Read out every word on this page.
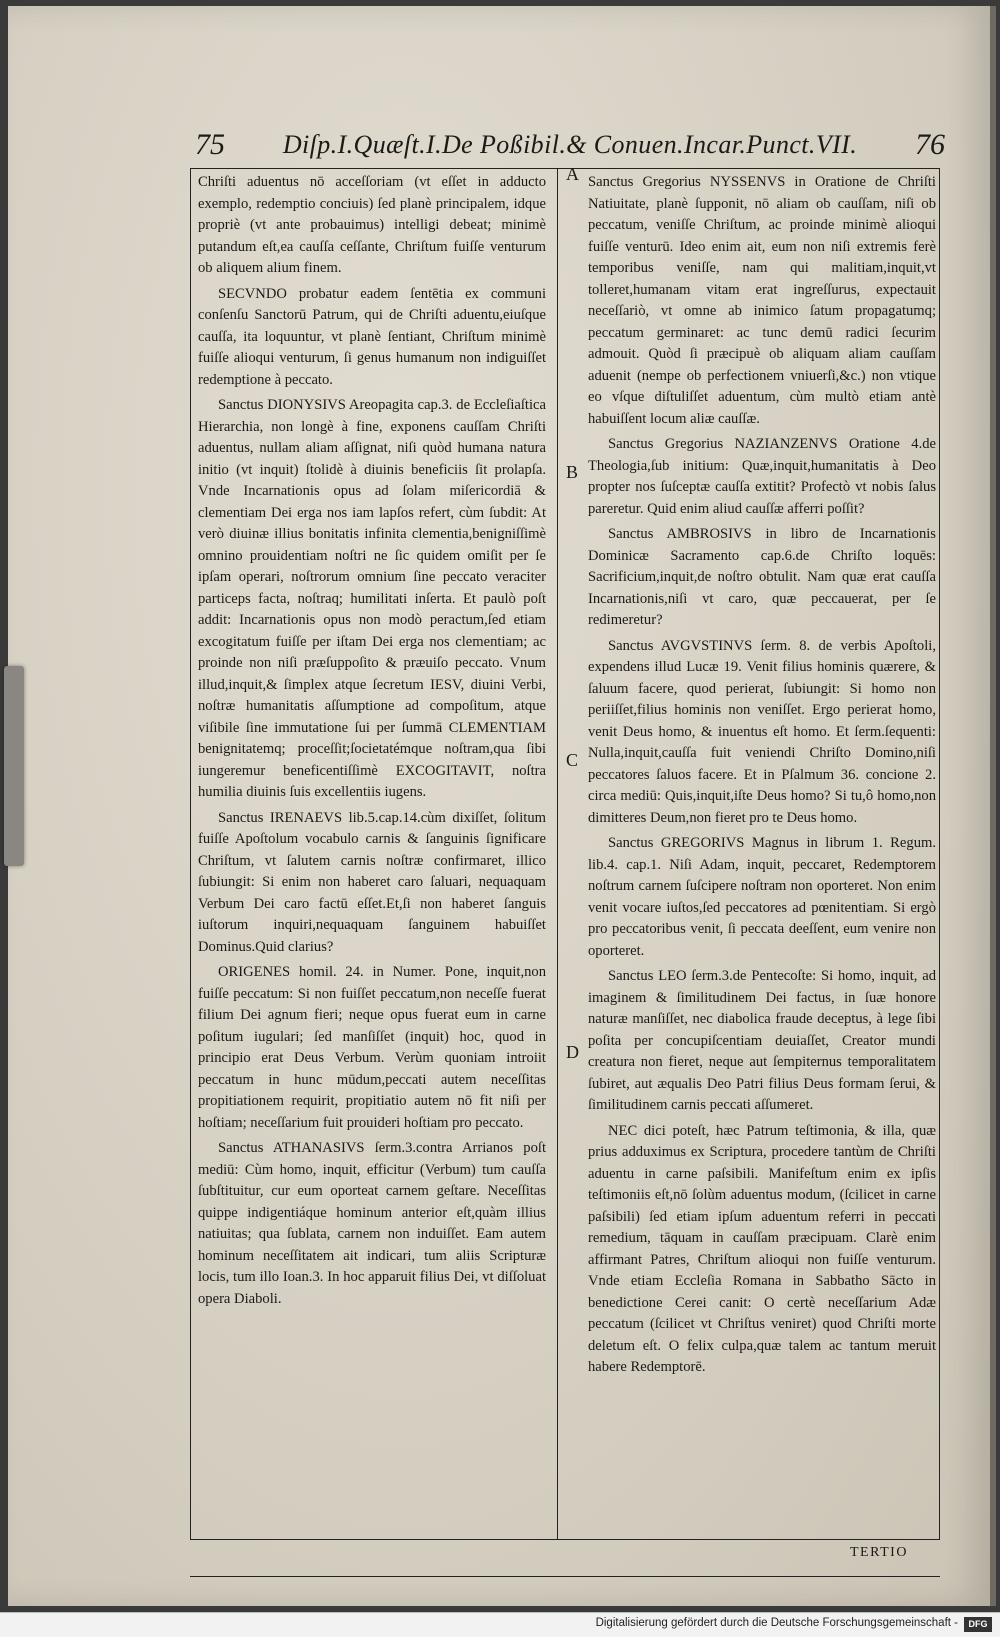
75	Diſp.I.Quæſt.I.De Poßibil.& Conuen.Incar.Punct.VII.	76

Chriſti aduentus nō acceſſoriam (vt eſſet in adducto exemplo, redemptio conciuis) ſed planè principalem, idque propriè (vt ante probauimus) intelligi debeat; minimè putandum eſt,ea cauſſa ceſſante, Chriſtum fuiſſe venturum ob aliquem alium finem.

SECVNDO probatur eadem ſentētia ex communi conſenſu Sanctorū Patrum, qui de Chriſti aduentu,eiuſque cauſſa, ita loquuntur, vt planè ſentiant, Chriſtum minimè fuiſſe alioqui venturum, ſi genus humanum non indiguiſſet redemptione à peccato.

Sanctus DIONYSIVS Areopagita cap.3. de Eccleſiaſtica Hierarchia, non longè à fine, exponens cauſſam Chriſti aduentus, nullam aliam aſſignat, niſi quòd humana natura initio (vt inquit) ſtolidè à diuinis beneficiis ſit prolapſa. Vnde Incarnationis opus ad ſolam miſericordiā & clementiam Dei erga nos iam lapſos refert, cùm ſubdit: At verò diuinæ illius bonitatis infinita clementia,benigniſſimè omnino prouidentiam noſtri ne ſic quidem omiſit per ſe ipſam operari, noſtrorum omnium ſine peccato veraciter particeps facta, noſtraq; humilitati inſerta. Et paulò poſt addit: Incarnationis opus non modò peractum,ſed etiam excogitatum fuiſſe per iſtam Dei erga nos clementiam; ac proinde non niſi præſuppoſito & præuiſo peccato. Vnum illud,inquit,& ſimplex atque ſecretum IESV, diuini Verbi, noſtræ humanitatis aſſumptione ad compoſitum, atque viſibile ſine immutatione ſui per ſummā CLEMENTIAM benignitatemq; proceſſit;ſocietatémque noſtram,qua ſibi iungeremur beneficentiſſimè EXCOGITAVIT, noſtra humilia diuinis ſuis excellentiis iugens.

Sanctus IRENAEVS lib.5.cap.14.cùm dixiſſet, ſolitum fuiſſe Apoſtolum vocabulo carnis & ſanguinis ſignificare Chriſtum, vt ſalutem carnis noſtræ confirmaret, illico ſubiungit: Si enim non haberet caro ſaluari, nequaquam Verbum Dei caro factū eſſet.Et,ſi non haberet ſanguis iuſtorum inquiri,nequaquam ſanguinem habuiſſet Dominus.Quid clarius?

ORIGENES homil. 24. in Numer. Pone, inquit,non fuiſſe peccatum: Si non fuiſſet peccatum,non neceſſe fuerat filium Dei agnum fieri; neque opus fuerat eum in carne poſitum iugulari; ſed manſiſſet (inquit) hoc, quod in principio erat Deus Verbum. Verùm quoniam introiit peccatum in hunc mūdum,peccati autem neceſſitas propitiationem requirit, propitiatio autem nō fit niſi per hoſtiam; neceſſarium fuit prouideri hoſtiam pro peccato.

Sanctus ATHANASIVS ſerm.3.contra Arrianos poſt mediū: Cùm homo, inquit, efficitur (Verbum) tum cauſſa ſubſtituitur, cur eum oporteat carnem geſtare. Neceſſitas quippe indigentiáque hominum anterior eſt,quàm illius natiuitas; qua ſublata, carnem non induiſſet. Eam autem hominum neceſſitatem ait indicari, tum aliis Scripturæ locis, tum illo Ioan.3. In hoc apparuit filius Dei, vt diſſoluat opera Diaboli.

A
B
C
D

Sanctus Gregorius NYSSENVS in Oratione de Chriſti Natiuitate, planè ſupponit, nō aliam ob cauſſam, niſi ob peccatum, veniſſe Chriſtum, ac proinde minimè alioqui fuiſſe venturū. Ideo enim ait, eum non niſi extremis ferè temporibus veniſſe, nam qui malitiam,inquit,vt tolleret,humanam vitam erat ingreſſurus, expectauit neceſſariò, vt omne ab inimico ſatum propagatumq; peccatum germinaret: ac tunc demū radici ſecurim admouit. Quòd ſi præcipuè ob aliquam aliam cauſſam aduenit (nempe ob perfectionem vniuerſi,&c.) non vtique eo vſque diſtuliſſet aduentum, cùm multò etiam antè habuiſſent locum aliæ cauſſæ.

Sanctus Gregorius NAZIANZENVS Oratione 4.de Theologia,ſub initium: Quæ,inquit,humanitatis à Deo propter nos ſuſceptæ cauſſa extitit? Profectò vt nobis ſalus pareretur. Quid enim aliud cauſſæ afferri poſſit?

Sanctus AMBROSIVS in libro de Incarnationis Dominicæ Sacramento cap.6.de Chriſto loquēs: Sacrificium,inquit,de noſtro obtulit. Nam quæ erat cauſſa Incarnationis,niſi vt caro, quæ peccauerat, per ſe redimeretur?

Sanctus AVGVSTINVS ſerm. 8. de verbis Apoſtoli, expendens illud Lucæ 19. Venit filius hominis quærere, & ſaluum facere, quod perierat, ſubiungit: Si homo non periiſſet,filius hominis non veniſſet. Ergo perierat homo, venit Deus homo, & inuentus eſt homo. Et ſerm.ſequenti: Nulla,inquit,cauſſa fuit veniendi Chriſto Domino,niſi peccatores ſaluos facere. Et in Pſalmum 36. concione 2. circa mediū: Quis,inquit,iſte Deus homo? Si tu,ô homo,non dimitteres Deum,non fieret pro te Deus homo.

Sanctus GREGORIVS Magnus in librum 1. Regum. lib.4. cap.1. Niſi Adam, inquit, peccaret, Redemptorem noſtrum carnem ſuſcipere noſtram non oporteret. Non enim venit vocare iuſtos,ſed peccatores ad pœnitentiam. Si ergò pro peccatoribus venit, ſi peccata deeſſent, eum venire non oporteret.

Sanctus LEO ſerm.3.de Pentecoſte: Si homo, inquit, ad imaginem & ſimilitudinem Dei factus, in ſuæ honore naturæ manſiſſet, nec diabolica fraude deceptus, à lege ſibi poſita per concupiſcentiam deuiaſſet, Creator mundi creatura non fieret, neque aut ſempiternus temporalitatem ſubiret, aut æqualis Deo Patri filius Deus formam ſerui, & ſimilitudinem carnis peccati aſſumeret.

NEC dici poteſt, hæc Patrum teſtimonia, & illa, quæ prius adduximus ex Scriptura, procedere tantùm de Chriſti aduentu in carne paſsibili. Manifeſtum enim ex ipſis teſtimoniis eſt,nō ſolùm aduentus modum, (ſcilicet in carne paſsibili) ſed etiam ipſum aduentum referri in peccati remedium, tāquam in cauſſam præcipuam. Clarè enim affirmant Patres, Chriſtum alioqui non fuiſſe venturum. Vnde etiam Eccleſia Romana in Sabbatho Sācto in benedictione Cerei canit: O certè neceſſarium Adæ peccatum (ſcilicet vt Chriſtus veniret) quod Chriſti morte deletum eſt. O felix culpa,quæ talem ac tantum meruit habere Redemptorē.

TERTIO
Digitalisierung gefördert durch die Deutsche Forschungsgemeinschaft -	DFG
